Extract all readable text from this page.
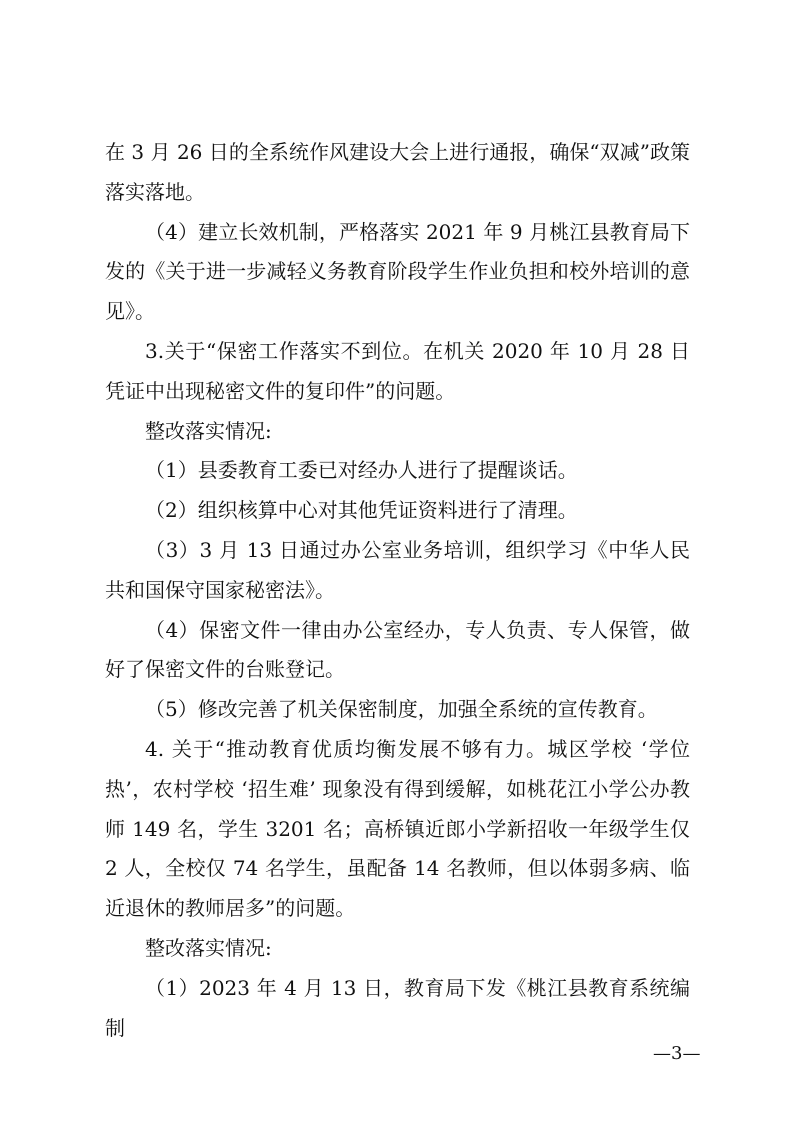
在 3 月 26 日的全系统作风建设大会上进行通报，确保“双减”政策落实落地。

（4）建立长效机制，严格落实 2021 年 9 月桃江县教育局下发的《关于进一步减轻义务教育阶段学生作业负担和校外培训的意见》。

3.关于“保密工作落实不到位。在机关 2020 年 10 月 28 日凭证中出现秘密文件的复印件”的问题。

整改落实情况:

（1）县委教育工委已对经办人进行了提醒谈话。

（2）组织核算中心对其他凭证资料进行了清理。

（3）3 月 13 日通过办公室业务培训，组织学习《中华人民共和国保守国家秘密法》。

（4）保密文件一律由办公室经办，专人负责、专人保管，做好了保密文件的台账登记。

（5）修改完善了机关保密制度，加强全系统的宣传教育。

4. 关于“推动教育优质均衡发展不够有力。城区学校 ‘学位热’，农村学校 ‘招生难’ 现象没有得到缓解，如桃花江小学公办教师 149 名，学生 3201 名；高桥镇近郎小学新招收一年级学生仅 2 人，全校仅 74 名学生，虽配备 14 名教师，但以体弱多病、临近退休的教师居多”的问题。

整改落实情况:

（1）2023 年 4 月 13 日，教育局下发《桃江县教育系统编制

—3—
